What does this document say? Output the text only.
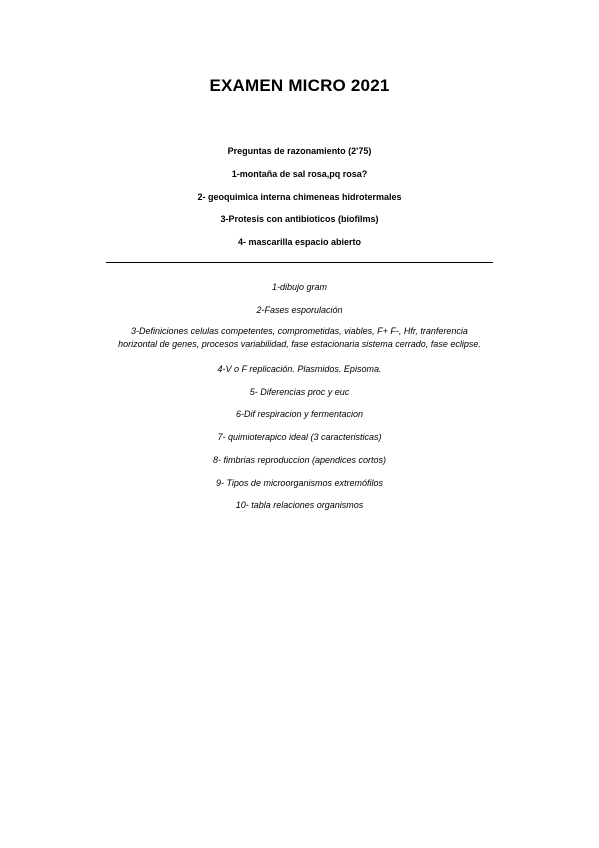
EXAMEN MICRO 2021
Preguntas de razonamiento (2'75)
1-montaña de sal rosa,pq rosa?
2- geoquimica interna chimeneas hidrotermales
3-Protesis con antibioticos (biofilms)
4- mascarilla espacio abierto
1-dibujo gram
2-Fases esporulación
3-Definiciones celulas competentes, comprometidas, viables, F+ F-, Hfr, tranferencia
horizontal de genes, procesos variabilidad, fase estacionaria sistema cerrado, fase eclipse.
4-V o F replicación. Plasmidos. Episoma.
5- Diferencias proc y euc
6-Dif respiracion y fermentacion
7- quimioterapico ideal (3 caracteristicas)
8- fimbrias reproduccion (apendices cortos)
9- Tipos de microorganismos extremófilos
10- tabla relaciones organismos
